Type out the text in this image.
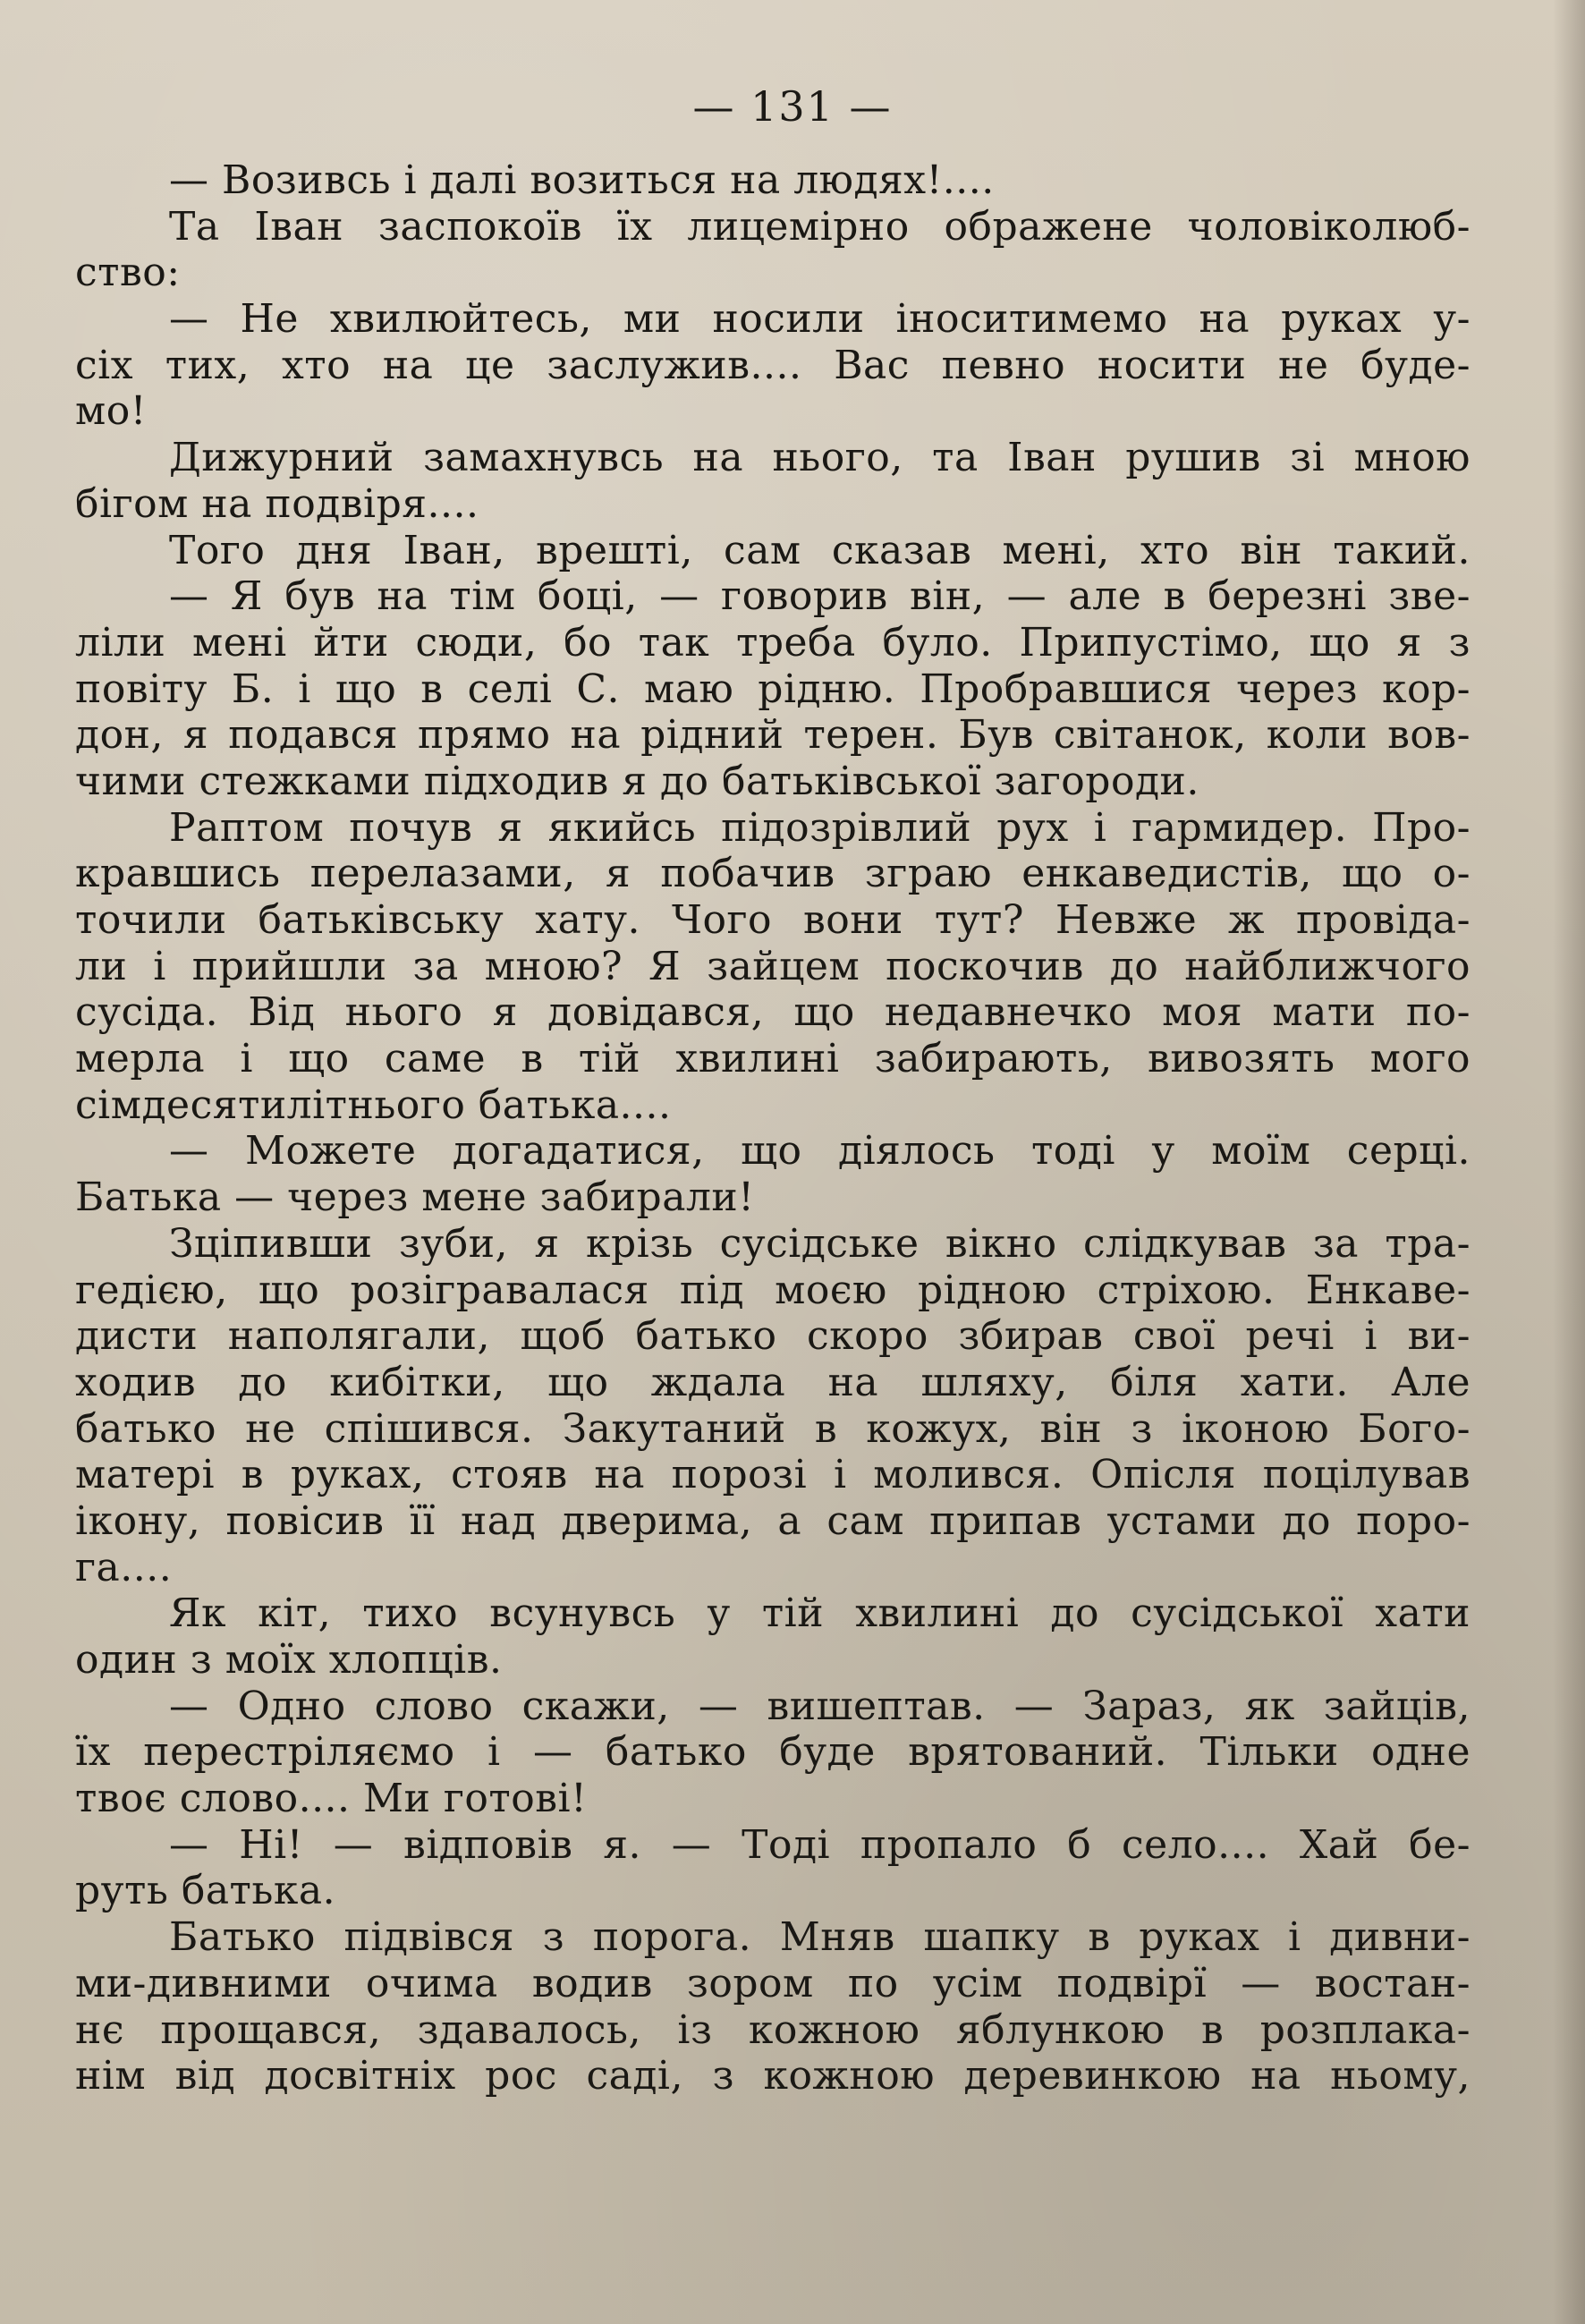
— 131 —
— Возивсь і далі возиться на людях!....
Та Іван заспокоїв їх лицемірно ображене чоловіколюб-
ство:
— Не хвилюйтесь, ми носили іноситимемо на руках у-
сіх тих, хто на це заслужив.... Вас певно носити не буде-
мо!
Дижурний замахнувсь на нього, та Іван рушив зі мною
бігом на подвіря....
Того дня Іван, врешті, сам сказав мені, хто він такий.
— Я був на тім боці, — говорив він, — але в березні зве-
ліли мені йти сюди, бо так треба було. Припустімо, що я з
повіту Б. і що в селі С. маю рідню. Пробравшися через кор-
дон, я подався прямо на рідний терен. Був світанок, коли вов-
чими стежками підходив я до батьківської загороди.
Раптом почув я якийсь підозрівлий рух і гармидер. Про-
кравшись перелазами, я побачив зграю енкаведистів, що о-
точили батьківську хату. Чого вони тут? Невже ж провіда-
ли і прийшли за мною? Я зайцем поскочив до найближчого
сусіда. Від нього я довідався, що недавнечко моя мати по-
мерла і що саме в тій хвилині забирають, вивозять мого
сімдесятилітнього батька....
— Можете догадатися, що діялось тоді у моїм серці.
Батька — через мене забирали!
Зціпивши зуби, я крізь сусідське вікно слідкував за тра-
гедією, що розігравалася під моєю рідною стріхою. Енкаве-
дисти наполягали, щоб батько скоро збирав свої речі і ви-
ходив до кибітки, що ждала на шляху, біля хати. Але
батько не спішився. Закутаний в кожух, він з іконою Бого-
матері в руках, стояв на порозі і молився. Опісля поцілував
ікону, повісив її над дверима, а сам припав устами до поро-
га....
Як кіт, тихо всунувсь у тій хвилині до сусідської хати
один з моїх хлопців.
— Одно слово скажи, — вишептав. — Зараз, як зайців,
їх перестріляємо і — батько буде врятований. Тільки одне
твоє слово.... Ми готові!
— Ні! — відповів я. — Тоді пропало б село.... Хай бе-
руть батька.
Батько підвівся з порога. Мняв шапку в руках і дивни-
ми-дивними очима водив зором по усім подвірї — востан-
нє прощався, здавалось, із кожною яблункою в розплака-
нім від досвітніх рос саді, з кожною деревинкою на ньому,
